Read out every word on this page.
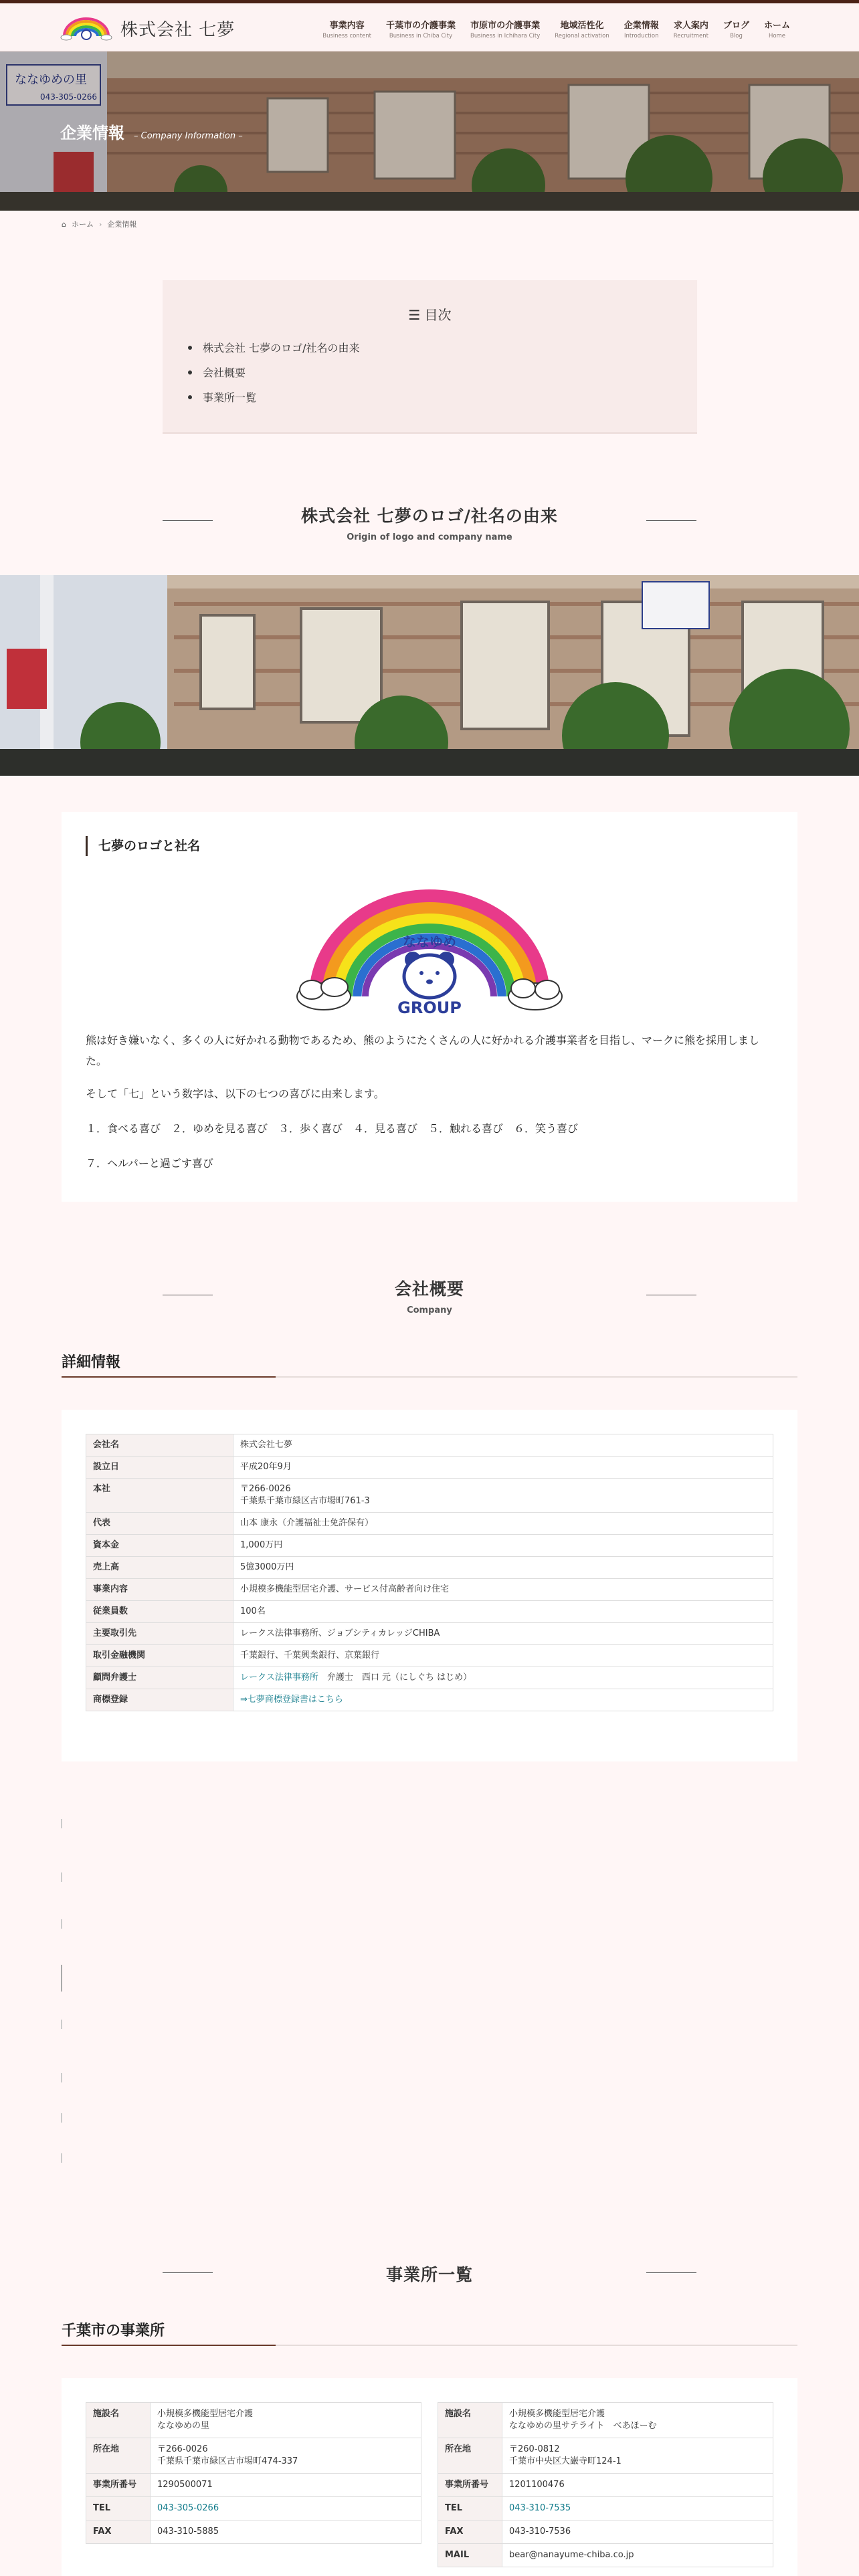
株式会社 七夢	事業内容
Business content
千葉市の介護事業
Business in Chiba City
市原市の介護事業
Business in Ichihara City
地域活性化
Regional activation
企業情報
Introduction
求人案内
Recruitment
ブログ
Blog
ホーム
Home
ななゆめの里
043-305-0266
企業情報 – Company Information –
⌂ ホーム › 企業情報
☰ 目次
株式会社 七夢のロゴ/社名の由来
会社概要
事業所一覧
株式会社 七夢のロゴ/社名の由来
Origin of logo and company name
七夢のロゴと社名
ななゆめ
GROUP

熊は好き嫌いなく、多くの人に好かれる動物であるため、熊のようにたくさんの人に好かれる介護事業者を目指し、マークに熊を採用しました。

そして「七」という数字は、以下の七つの喜びに由来します。

１．食べる喜び　２．ゆめを見る喜び　３．歩く喜び　４．見る喜び　５．触れる喜び　６．笑う喜び

７．ヘルパーと過ごす喜び

会社概要
Company
詳細情報
会社名	株式会社七夢
設立日	平成20年9月
本社	〒266-0026
千葉県千葉市緑区古市場町761-3

代表	山本 康永（介護福祉士免許保有）
資本金	1,000万円
売上高	5億3000万円
事業内容	小規模多機能型居宅介護、サービス付高齢者向け住宅
従業員数	100名
主要取引先	レークス法律事務所、ジョブシティカレッジCHIBA
取引金融機関	千葉銀行、千葉興業銀行、京葉銀行
顧問弁護士	レークス法律事務所　弁護士　西口 元（にしぐち はじめ）
商標登録	⇒七夢商標登録書はこちら
事業所一覧
千葉市の事業所
施設名	小規模多機能型居宅介護
ななゆめの里

所在地	〒266-0026
千葉県千葉市緑区古市場町474-337

事業所番号	1290500071
TEL	043-305-0266
FAX	043-310-5885
施設名	小規模多機能型居宅介護
ななゆめの里サテライト　べあほーむ

所在地	〒260-0812
千葉市中央区大巌寺町124-1

事業所番号	1201100476
TEL	043-310-7535
FAX	043-310-7536
MAIL	bear@nanayume-chiba.co.jp
